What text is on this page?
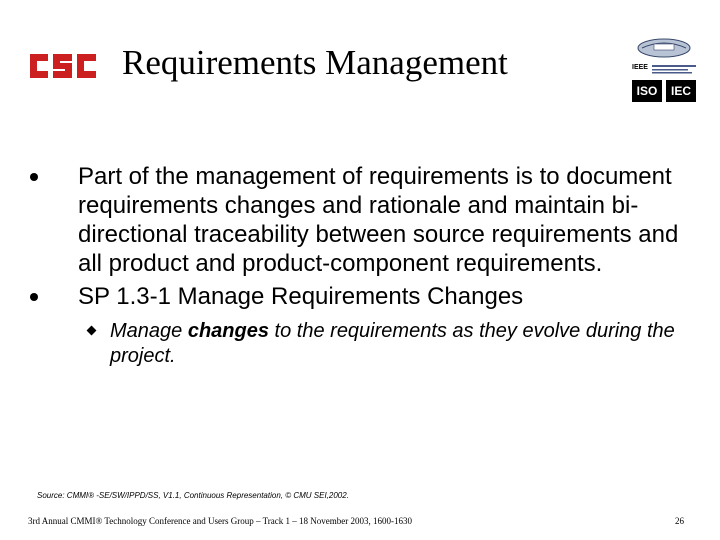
Requirements Management	IEEE
ISO	IEC
Part of the management of requirements is to document requirements changes and rationale and maintain bi-directional traceability between source requirements and all product and product-component requirements.
SP 1.3-1 Manage Requirements Changes
Manage changes to the requirements as they evolve during the project.
Source: CMMI® -SE/SW/IPPD/SS, V1.1, Continuous Representation, © CMU SEI,2002.
3rd Annual CMMI® Technology Conference and Users Group – Track 1 – 18 November 2003, 1600-1630	26
